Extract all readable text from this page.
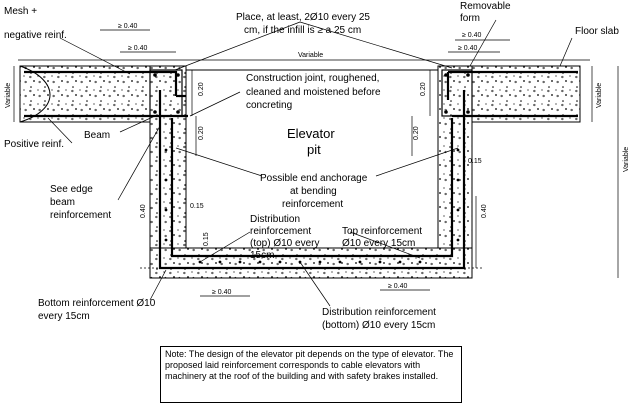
Mesh +
negative reinf.
Place, at least, 2Ø10 every 25
cm, if the infill is ≥ a 25 cm
Removable
form
Floor slab
Variable
Variable	Variable
Variable
Construction joint, roughened,
cleaned and moistened before
concreting
Beam
Positive reinf.
Elevator
pit
Possible end anchorage
at bending
reinforcement
See edge
beam
reinforcement	Distribution
reinforcement
(top) Ø10 every
15cm
Top reinforcement
Ø10 every 15cm
Bottom reinforcement Ø10
every 15cm	Distribution reinforcement
(bottom) Ø10 every 15cm
≥ 0.40
≥ 0.40
≥ 0.40
≥ 0.40
≥ 0.40
≥ 0.40
0.20
0.20
0.20
0.20
0.15
0.15
0.15
0.40	0.40
Note: The design of the elevator pit depends on the type of elevator. The proposed laid reinforcement corresponds to cable elevators with machinery at the roof of the building and with safety brakes installed.
